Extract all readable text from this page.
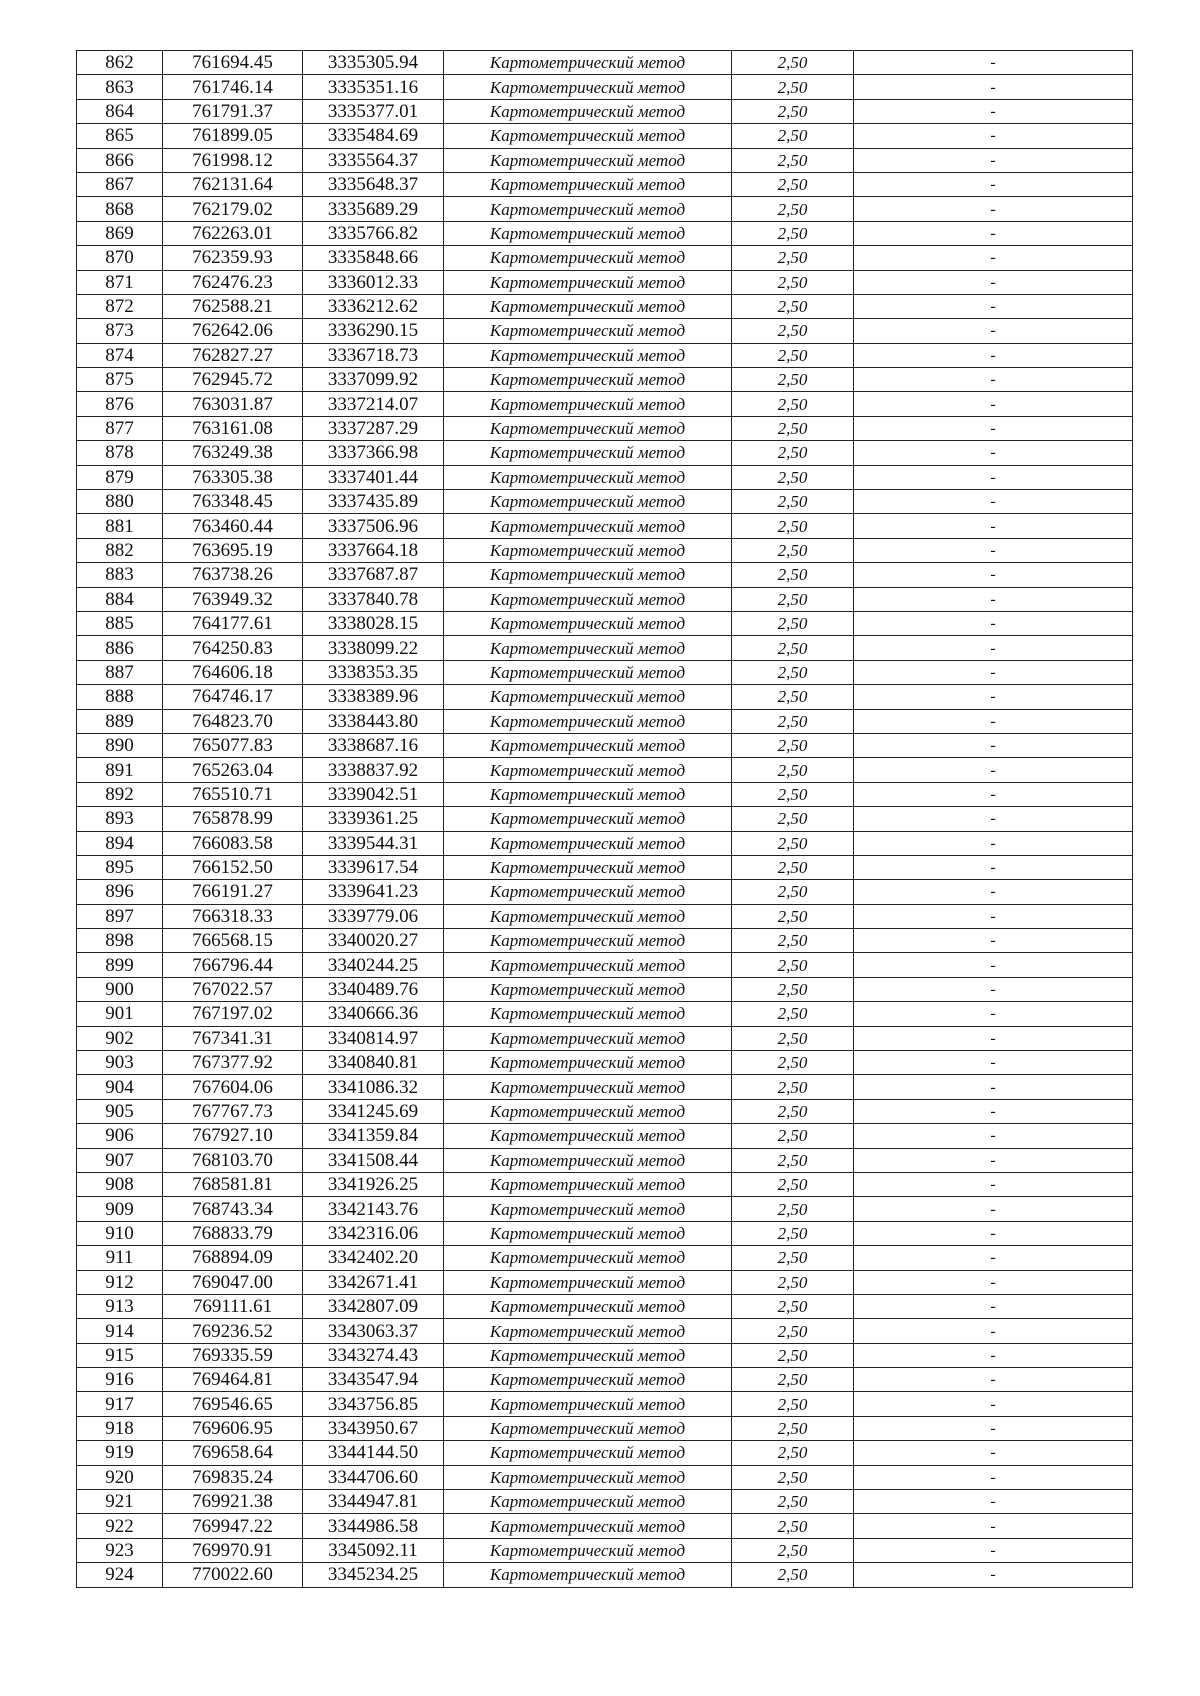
862	761694.45	3335305.94	Картометрический метод	2,50	-
863	761746.14	3335351.16	Картометрический метод	2,50	-
864	761791.37	3335377.01	Картометрический метод	2,50	-
865	761899.05	3335484.69	Картометрический метод	2,50	-
866	761998.12	3335564.37	Картометрический метод	2,50	-
867	762131.64	3335648.37	Картометрический метод	2,50	-
868	762179.02	3335689.29	Картометрический метод	2,50	-
869	762263.01	3335766.82	Картометрический метод	2,50	-
870	762359.93	3335848.66	Картометрический метод	2,50	-
871	762476.23	3336012.33	Картометрический метод	2,50	-
872	762588.21	3336212.62	Картометрический метод	2,50	-
873	762642.06	3336290.15	Картометрический метод	2,50	-
874	762827.27	3336718.73	Картометрический метод	2,50	-
875	762945.72	3337099.92	Картометрический метод	2,50	-
876	763031.87	3337214.07	Картометрический метод	2,50	-
877	763161.08	3337287.29	Картометрический метод	2,50	-
878	763249.38	3337366.98	Картометрический метод	2,50	-
879	763305.38	3337401.44	Картометрический метод	2,50	-
880	763348.45	3337435.89	Картометрический метод	2,50	-
881	763460.44	3337506.96	Картометрический метод	2,50	-
882	763695.19	3337664.18	Картометрический метод	2,50	-
883	763738.26	3337687.87	Картометрический метод	2,50	-
884	763949.32	3337840.78	Картометрический метод	2,50	-
885	764177.61	3338028.15	Картометрический метод	2,50	-
886	764250.83	3338099.22	Картометрический метод	2,50	-
887	764606.18	3338353.35	Картометрический метод	2,50	-
888	764746.17	3338389.96	Картометрический метод	2,50	-
889	764823.70	3338443.80	Картометрический метод	2,50	-
890	765077.83	3338687.16	Картометрический метод	2,50	-
891	765263.04	3338837.92	Картометрический метод	2,50	-
892	765510.71	3339042.51	Картометрический метод	2,50	-
893	765878.99	3339361.25	Картометрический метод	2,50	-
894	766083.58	3339544.31	Картометрический метод	2,50	-
895	766152.50	3339617.54	Картометрический метод	2,50	-
896	766191.27	3339641.23	Картометрический метод	2,50	-
897	766318.33	3339779.06	Картометрический метод	2,50	-
898	766568.15	3340020.27	Картометрический метод	2,50	-
899	766796.44	3340244.25	Картометрический метод	2,50	-
900	767022.57	3340489.76	Картометрический метод	2,50	-
901	767197.02	3340666.36	Картометрический метод	2,50	-
902	767341.31	3340814.97	Картометрический метод	2,50	-
903	767377.92	3340840.81	Картометрический метод	2,50	-
904	767604.06	3341086.32	Картометрический метод	2,50	-
905	767767.73	3341245.69	Картометрический метод	2,50	-
906	767927.10	3341359.84	Картометрический метод	2,50	-
907	768103.70	3341508.44	Картометрический метод	2,50	-
908	768581.81	3341926.25	Картометрический метод	2,50	-
909	768743.34	3342143.76	Картометрический метод	2,50	-
910	768833.79	3342316.06	Картометрический метод	2,50	-
911	768894.09	3342402.20	Картометрический метод	2,50	-
912	769047.00	3342671.41	Картометрический метод	2,50	-
913	769111.61	3342807.09	Картометрический метод	2,50	-
914	769236.52	3343063.37	Картометрический метод	2,50	-
915	769335.59	3343274.43	Картометрический метод	2,50	-
916	769464.81	3343547.94	Картометрический метод	2,50	-
917	769546.65	3343756.85	Картометрический метод	2,50	-
918	769606.95	3343950.67	Картометрический метод	2,50	-
919	769658.64	3344144.50	Картометрический метод	2,50	-
920	769835.24	3344706.60	Картометрический метод	2,50	-
921	769921.38	3344947.81	Картометрический метод	2,50	-
922	769947.22	3344986.58	Картометрический метод	2,50	-
923	769970.91	3345092.11	Картометрический метод	2,50	-
924	770022.60	3345234.25	Картометрический метод	2,50	-
